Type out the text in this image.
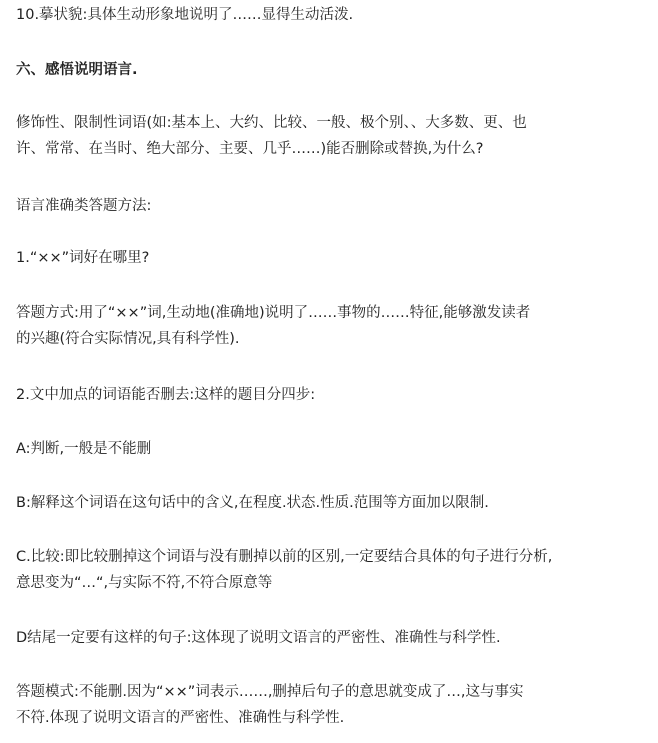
10.摹状貌:具体生动形象地说明了……显得生动活泼.

六、感悟说明语言.

修饰性、限制性词语(如:基本上、大约、比较、一般、极个别、、大多数、更、也
许、常常、在当时、绝大部分、主要、几乎……)能否删除或替换,为什么?

语言准确类答题方法:

1.“××”词好在哪里?

答题方式:用了“××”词,生动地(准确地)说明了……事物的……特征,能够激发读者
的兴趣(符合实际情况,具有科学性).

2.文中加点的词语能否删去:这样的题目分四步:

A:判断,一般是不能删

B:解释这个词语在这句话中的含义,在程度.状态.性质.范围等方面加以限制.

C.比较:即比较删掉这个词语与没有删掉以前的区别,一定要结合具体的句子进行分析,
意思变为“…“,与实际不符,不符合原意等

D结尾一定要有这样的句子:这体现了说明文语言的严密性、准确性与科学性.

答题模式:不能删.因为“××”词表示……,删掉后句子的意思就变成了…,这与事实
不符.体现了说明文语言的严密性、准确性与科学性.
